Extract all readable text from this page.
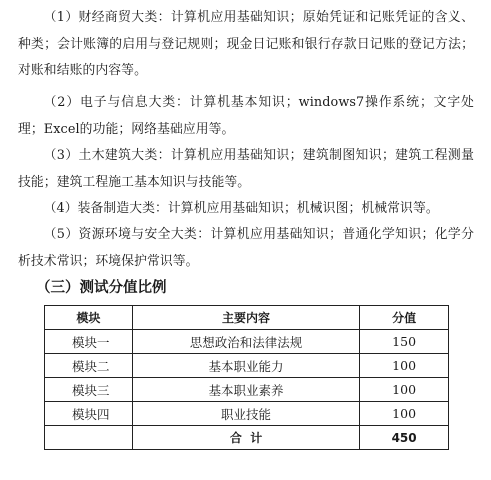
（1）财经商贸大类：计算机应用基础知识；原始凭证和记账凭证的含义、种类；会计账簿的启用与登记规则；现金日记账和银行存款日记账的登记方法；对账和结账的内容等。

（2）电子与信息大类：计算机基本知识；windows7操作系统；文字处理；Excel的功能；网络基础应用等。

（3）土木建筑大类：计算机应用基础知识；建筑制图知识；建筑工程测量技能；建筑工程施工基本知识与技能等。

（4）装备制造大类：计算机应用基础知识；机械识图；机械常识等。

（5）资源环境与安全大类：计算机应用基础知识；普通化学知识；化学分析技术常识；环境保护常识等。

（三）测试分值比例
模块	主要内容	分值
模块一	思想政治和法律法规	150
模块二	基本职业能力	100
模块三	基本职业素养	100
模块四	职业技能	100
	合  计	450
